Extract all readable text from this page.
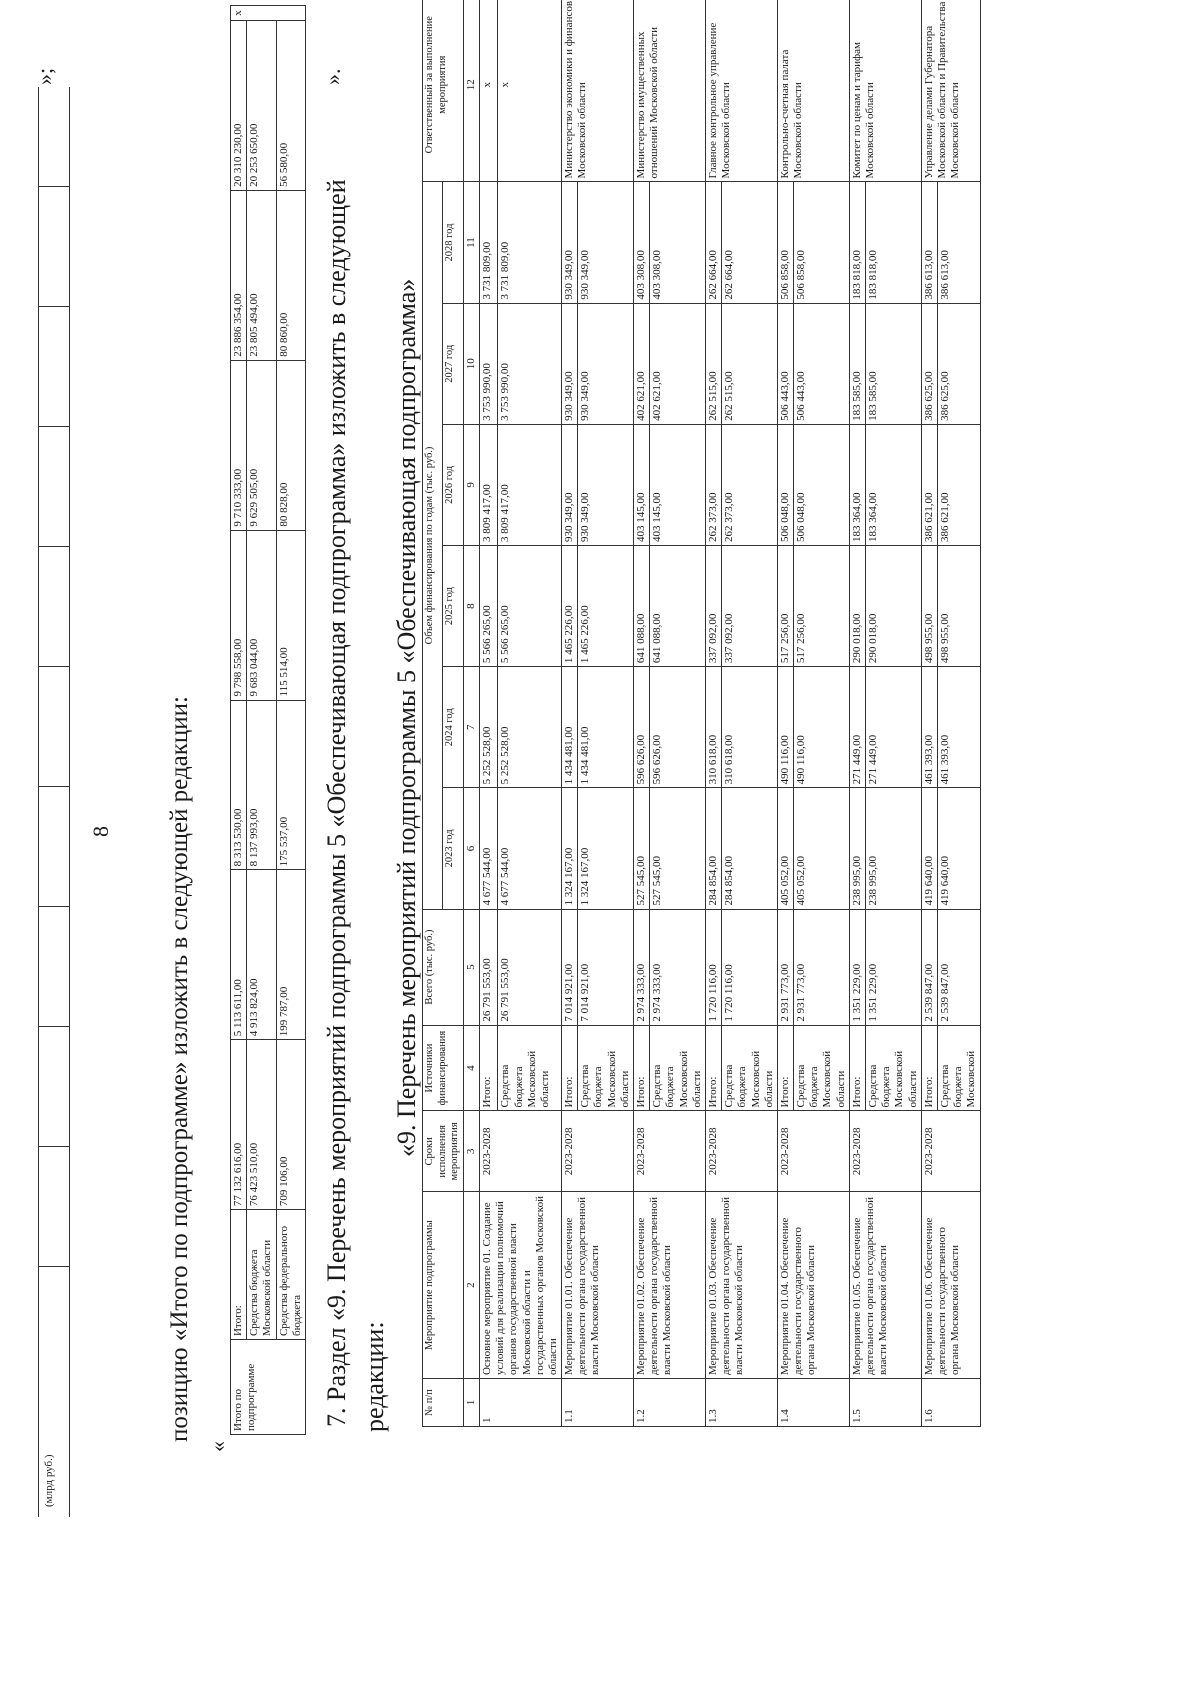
(млрд руб.)
»;
8 позицию «Итого по подпрограмме» изложить в следующей редакции:
«
Итого по подпрограмме	Итого:	77 132 616,00	5 113 611,00	8 313 530,00	9 798 558,00	9 710 333,00	23 886 354,00	20 310 230,00	x
	Средства бюджета Московской области	76 423 510,00	4 913 824,00	8 137 993,00	9 683 044,00	9 629 505,00	23 805 494,00	20 253 650,00	
	Средства федерального бюджета	709 106,00	199 787,00	175 537,00	115 514,00	80 828,00	80 860,00	56 580,00	
».
7. Раздел «9. Перечень мероприятий подпрограммы 5 «Обеспечивающая подпрограмма» изложить в следующей редакции:
«9. Перечень мероприятий подпрограммы 5 «Обеспечивающая подпрограмма»
№ п/п	Мероприятие подпрограммы	Сроки исполнения мероприятия	Источники финансирования	Всего (тыс. руб.)	Объем финансирования по годам (тыс. руб.)						Ответственный за выполнение мероприятия
					2023 год	2024 год	2025 год	2026 год	2027 год	2028 год	
1	2	3	4	5	6	7	8	9	10	11	12
1	Основное мероприятие 01. Создание условий для реализации полномочий органов государственной власти Московской области и государственных органов Московской области	2023-2028	Итого:	26 791 553,00	4 677 544,00	5 252 528,00	5 566 265,00	3 809 417,00	3 753 990,00	3 731 809,00	х
			Средства бюджета Московской области	26 791 553,00	4 677 544,00	5 252 528,00	5 566 265,00	3 809 417,00	3 753 990,00	3 731 809,00	х
1.1	Мероприятие 01.01. Обеспечение деятельности органа государственной власти Московской области	2023-2028	Итого:	7 014 921,00	1 324 167,00	1 434 481,00	1 465 226,00	930 349,00	930 349,00	930 349,00	Министерство экономики и финансов Московской области
			Средства бюджета Московской области	7 014 921,00	1 324 167,00	1 434 481,00	1 465 226,00	930 349,00	930 349,00	930 349,00	
1.2	Мероприятие 01.02. Обеспечение деятельности органа государственной власти Московской области	2023-2028	Итого:	2 974 333,00	527 545,00	596 626,00	641 088,00	403 145,00	402 621,00	403 308,00	Министерство имущественных отношений Московской области
			Средства бюджета Московской области	2 974 333,00	527 545,00	596 626,00	641 088,00	403 145,00	402 621,00	403 308,00	
1.3	Мероприятие 01.03. Обеспечение деятельности органа государственной власти Московской области	2023-2028	Итого:	1 720 116,00	284 854,00	310 618,00	337 092,00	262 373,00	262 515,00	262 664,00	Главное контрольное управление Московской области
			Средства бюджета Московской области	1 720 116,00	284 854,00	310 618,00	337 092,00	262 373,00	262 515,00	262 664,00	
1.4	Мероприятие 01.04. Обеспечение деятельности государственного органа Московской области	2023-2028	Итого:	2 931 773,00	405 052,00	490 116,00	517 256,00	506 048,00	506 443,00	506 858,00	Контрольно-счетная палата Московской области
			Средства бюджета Московской области	2 931 773,00	405 052,00	490 116,00	517 256,00	506 048,00	506 443,00	506 858,00	
1.5	Мероприятие 01.05. Обеспечение деятельности органа государственной власти Московской области	2023-2028	Итого:	1 351 229,00	238 995,00	271 449,00	290 018,00	183 364,00	183 585,00	183 818,00	Комитет по ценам и тарифам Московской области
			Средства бюджета Московской области	1 351 229,00	238 995,00	271 449,00	290 018,00	183 364,00	183 585,00	183 818,00	
1.6	Мероприятие 01.06. Обеспечение деятельности государственного органа Московской области	2023-2028	Итого:	2 539 847,00	419 640,00	461 393,00	498 955,00	386 621,00	386 625,00	386 613,00	Управление делами Губернатора Московской области и Правительства Московской области
			Средства бюджета Московской	2 539 847,00	419 640,00	461 393,00	498 955,00	386 621,00	386 625,00	386 613,00	
